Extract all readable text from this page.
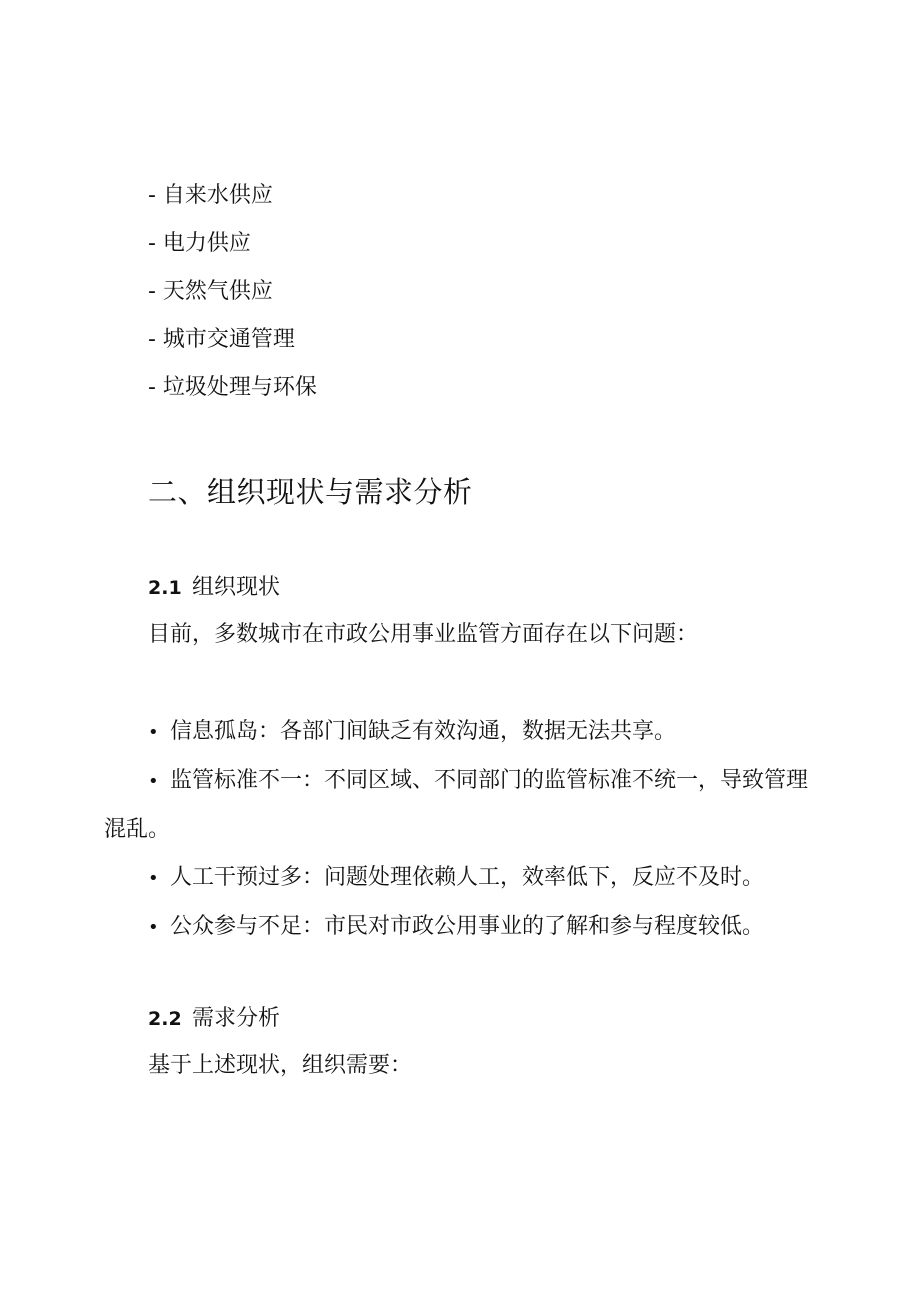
- 自来水供应
- 电力供应
- 天然气供应
- 城市交通管理
- 垃圾处理与环保
二、组织现状与需求分析
2.1 组织现状

目前，多数城市在市政公用事业监管方面存在以下问题：

• 信息孤岛：各部门间缺乏有效沟通，数据无法共享。
• 监管标准不一：不同区域、不同部门的监管标准不统一，导致管理混乱。
• 人工干预过多：问题处理依赖人工，效率低下，反应不及时。
• 公众参与不足：市民对市政公用事业的了解和参与程度较低。
2.2 需求分析

基于上述现状，组织需要：
